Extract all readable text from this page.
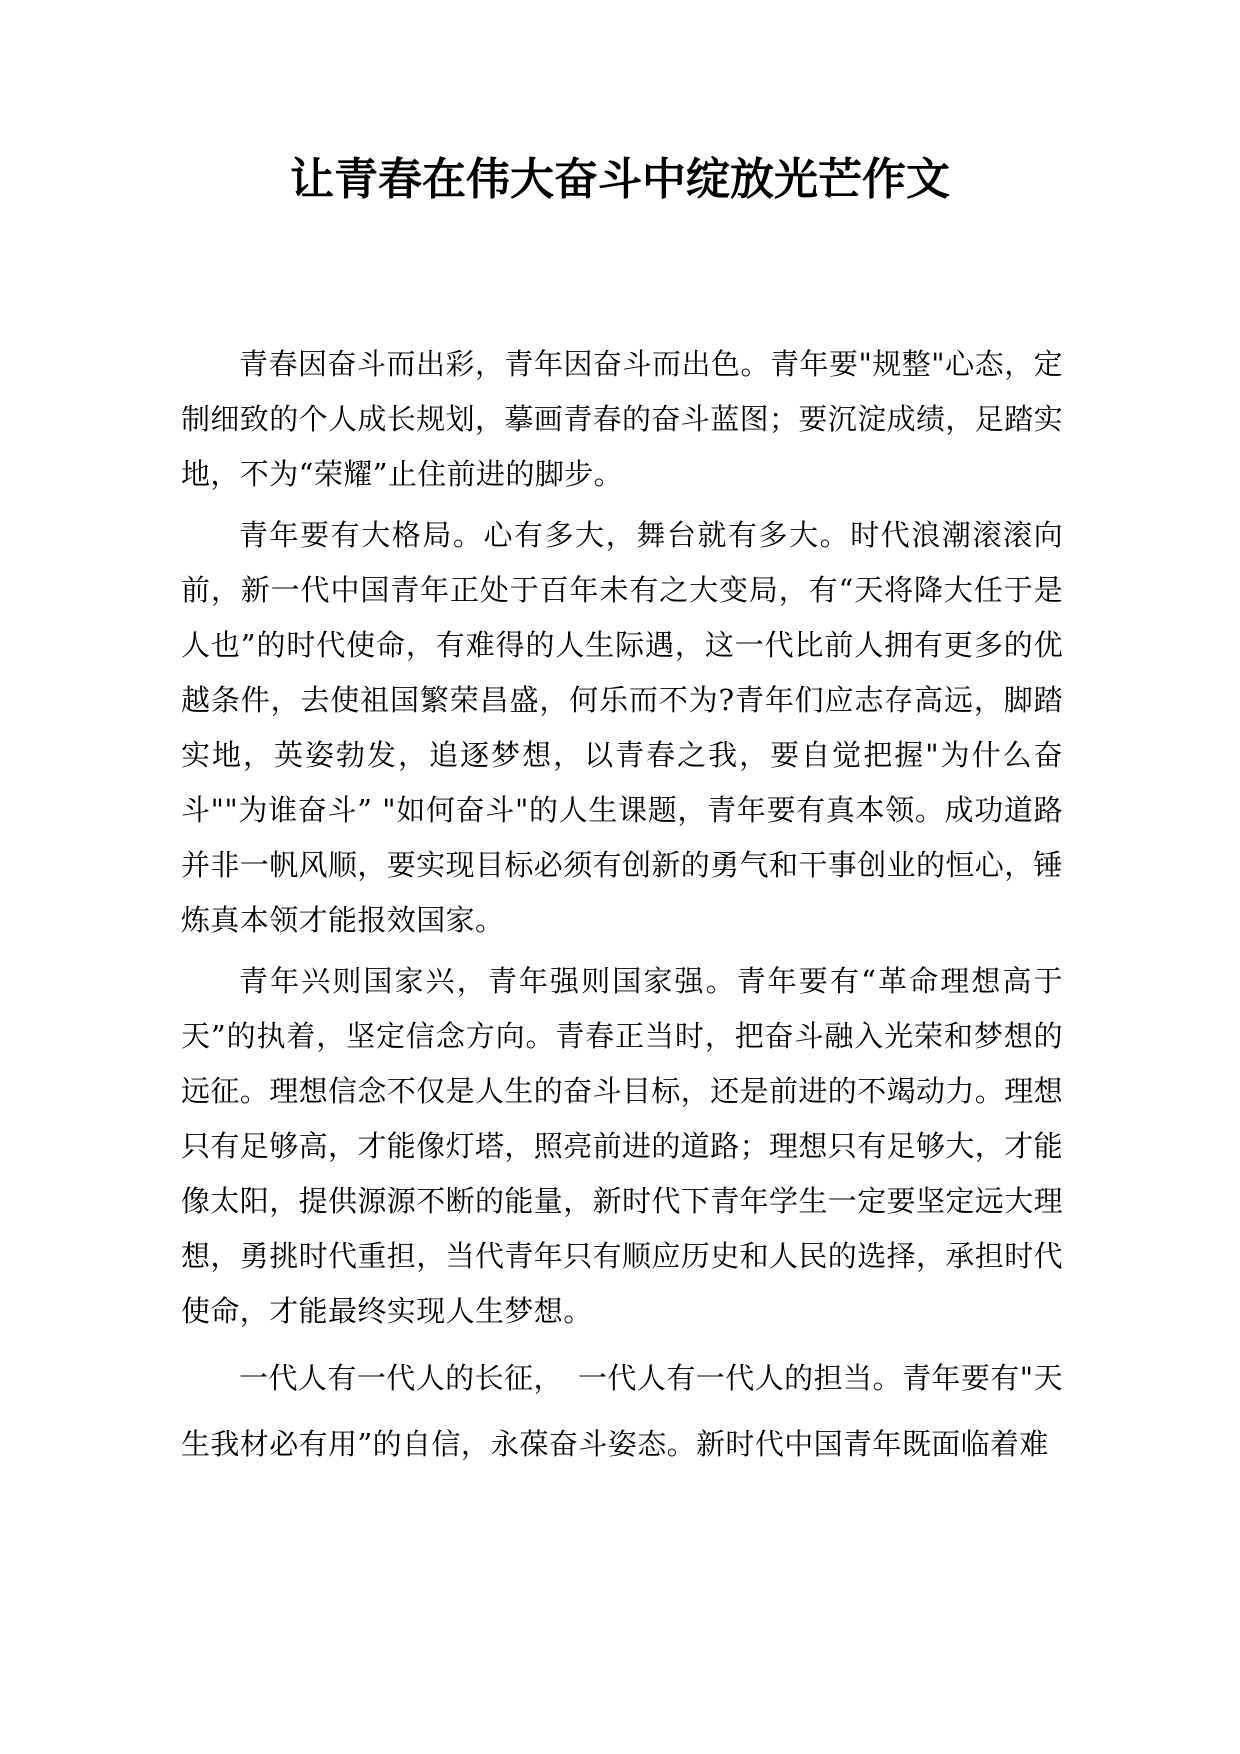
让青春在伟大奋斗中绽放光芒作文

青春因奋斗而出彩，青年因奋斗而出色。青年要"规整"心态，定制细致的个人成长规划，摹画青春的奋斗蓝图；要沉淀成绩，足踏实地，不为“荣耀”止住前进的脚步。

青年要有大格局。心有多大，舞台就有多大。时代浪潮滚滚向前，新一代中国青年正处于百年未有之大变局，有“天将降大任于是人也”的时代使命，有难得的人生际遇，这一代比前人拥有更多的优越条件，去使祖国繁荣昌盛，何乐而不为?青年们应志存高远，脚踏实地，英姿勃发，追逐梦想，以青春之我，要自觉把握"为什么奋斗""为谁奋斗” "如何奋斗"的人生课题，青年要有真本领。成功道路并非一帆风顺，要实现目标必须有创新的勇气和干事创业的恒心，锤炼真本领才能报效国家。

青年兴则国家兴，青年强则国家强。青年要有“革命理想高于天”的执着，坚定信念方向。青春正当时，把奋斗融入光荣和梦想的远征。理想信念不仅是人生的奋斗目标，还是前进的不竭动力。理想只有足够高，才能像灯塔，照亮前进的道路；理想只有足够大，才能像太阳，提供源源不断的能量，新时代下青年学生一定要坚定远大理想，勇挑时代重担，当代青年只有顺应历史和人民的选择，承担时代使命，才能最终实现人生梦想。

一代人有一代人的长征，　一代人有一代人的担当。青年要有"天生我材必有用”的自信，永葆奋斗姿态。新时代中国青年既面临着难
